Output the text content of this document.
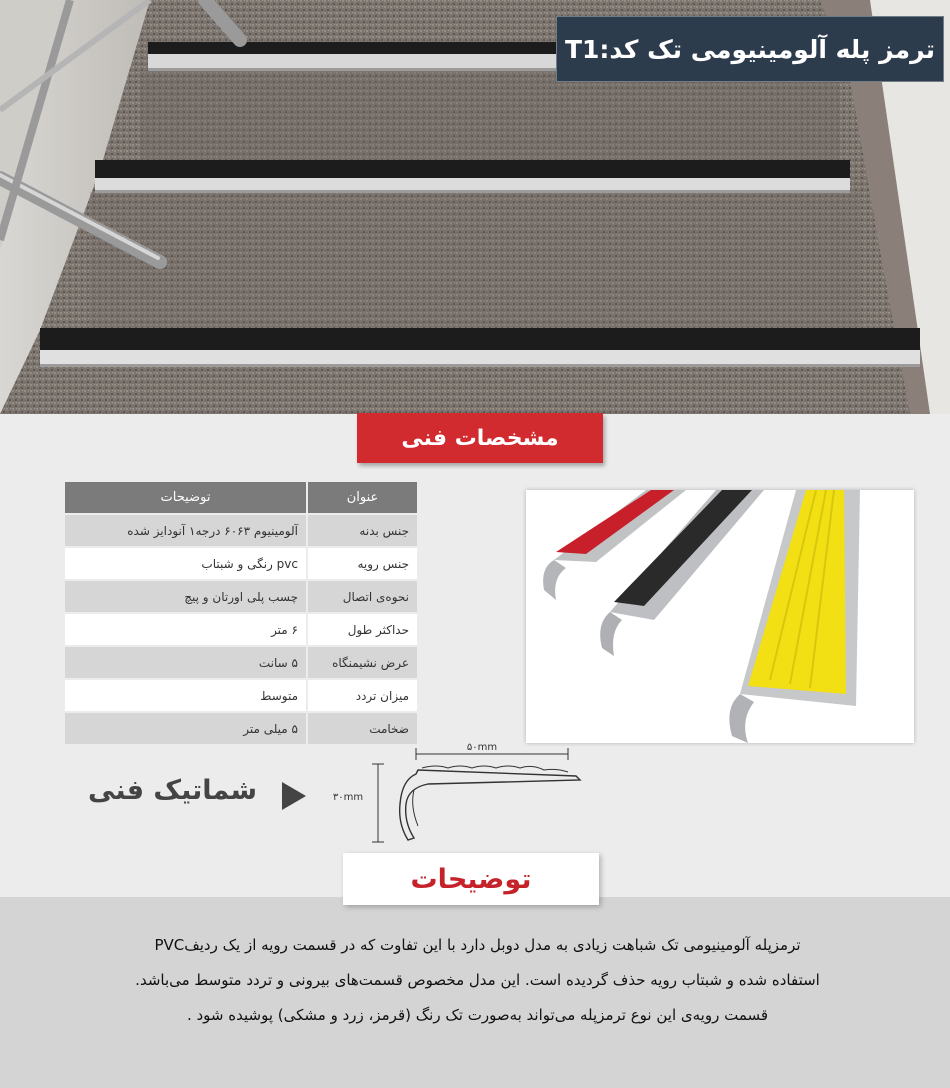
ترمز پله آلومینیومی تک کد:T1
مشخصات فنی
عنوان	توضیحات
جنس بدنه	آلومینیوم ۶۰۶۳ درجه۱ آنودایز شده
جنس رویه	pvc رنگی و شبتاب
نحوه‌ی اتصال	چسب پلی اورتان و پیچ
حداکثر طول	۶ متر
عرض نشیمنگاه	۵ سانت
میزان تردد	متوسط
ضخامت	۵ میلی متر
شماتیک فنی
۵۰mm
۳۰mm
توضیحات

ترمزپله آلومینیومی تک شباهت زیادی به مدل دوبل دارد با این تفاوت که در قسمت رویه از یک ردیفPVC

استفاده شده و شبتاب رویه حذف گردیده است. این مدل مخصوص قسمت‌های بیرونی و تردد متوسط می‌باشد.

قسمت رویه‌ی این نوع ترمزپله می‌تواند به‌صورت تک رنگ (قرمز، زرد و مشکی) پوشیده شود .
